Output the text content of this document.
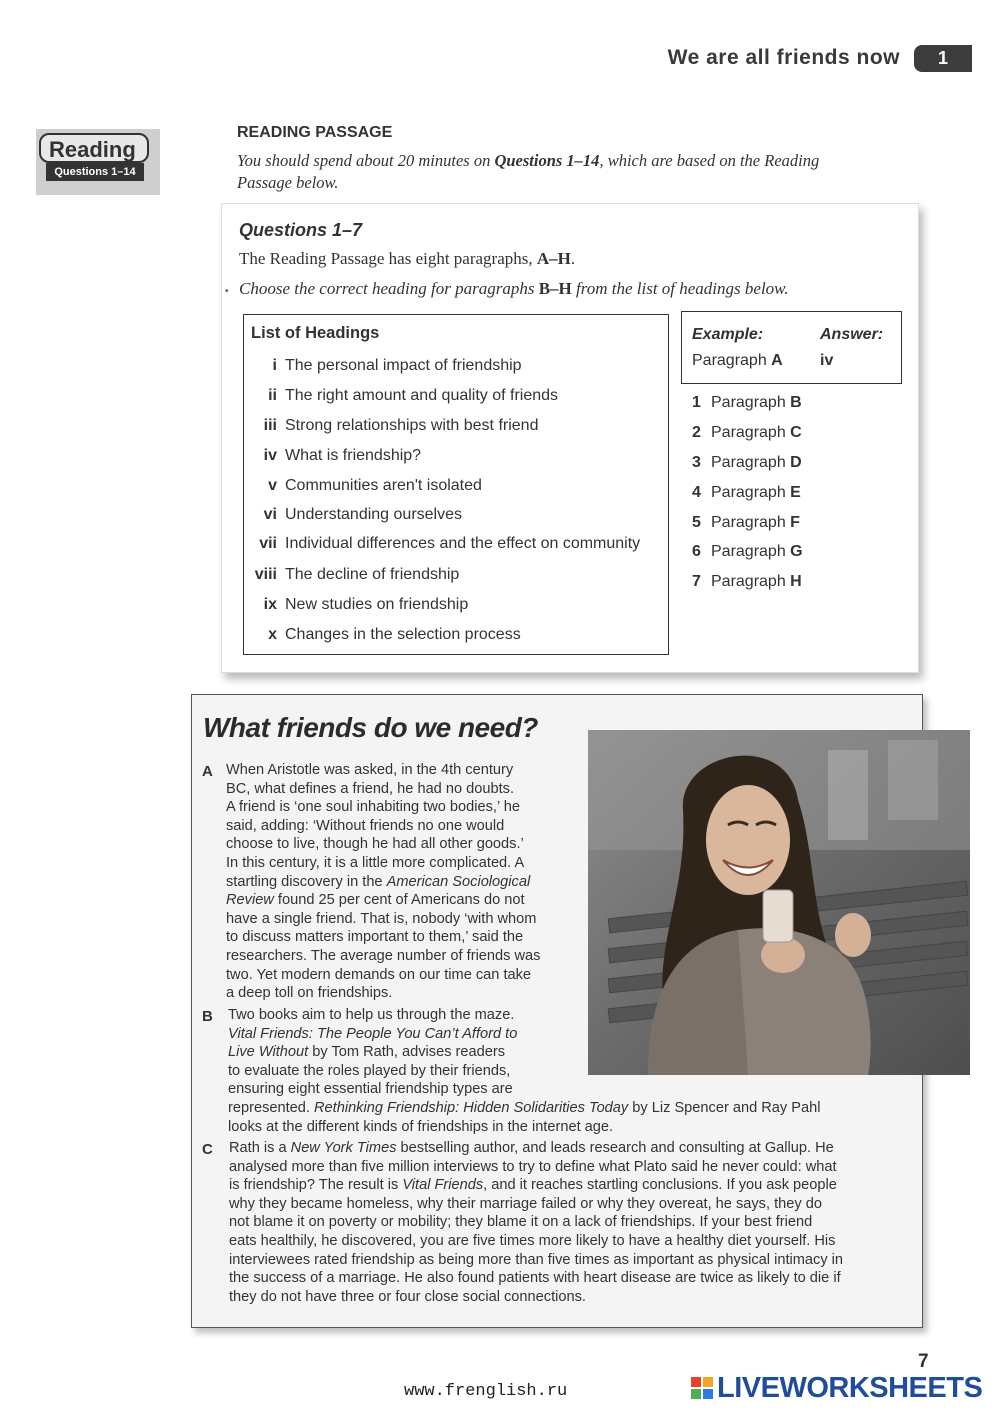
We are all friends now	1
Reading
Questions 1–14
READING PASSAGE
You should spend about 20 minutes on Questions 1–14, which are based on the Reading Passage below.
Questions 1–7
The Reading Passage has eight paragraphs, A–H.
• Choose the correct heading for paragraphs B–H from the list of headings below.
List of Headings
i The personal impact of friendship
ii The right amount and quality of friends
iii Strong relationships with best friend
iv What is friendship?
v Communities aren't isolated
vi Understanding ourselves
vii Individual differences and the effect on community
viii The decline of friendship
ix New studies on friendship
x Changes in the selection process
Example:	Answer:
Paragraph A iv
1 Paragraph B
2 Paragraph C
3 Paragraph D
4 Paragraph E
5 Paragraph F
6 Paragraph G
7 Paragraph H
What friends do we need?
A When Aristotle was asked, in the 4th century
BC, what defines a friend, he had no doubts.
A friend is ‘one soul inhabiting two bodies,’ he
said, adding: ‘Without friends no one would
choose to live, though he had all other goods.’
In this century, it is a little more complicated. A
startling discovery in the American Sociological
Review found 25 per cent of Americans do not
have a single friend. That is, nobody ‘with whom
to discuss matters important to them,’ said the
researchers. The average number of friends was
two. Yet modern demands on our time can take
a deep toll on friendships.
B Two books aim to help us through the maze.
Vital Friends: The People You Can’t Afford to
Live Without by Tom Rath, advises readers
to evaluate the roles played by their friends,
ensuring eight essential friendship types are
represented. Rethinking Friendship: Hidden Solidarities Today by Liz Spencer and Ray Pahl
looks at the different kinds of friendships in the internet age.
C Rath is a New York Times bestselling author, and leads research and consulting at Gallup. He
analysed more than five million interviews to try to define what Plato said he never could: what
is friendship? The result is Vital Friends, and it reaches startling conclusions. If you ask people
why they became homeless, why their marriage failed or why they overeat, he says, they do
not blame it on poverty or mobility; they blame it on a lack of friendships. If your best friend
eats healthily, he discovered, you are five times more likely to have a healthy diet yourself. His
interviewees rated friendship as being more than five times as important as physical intimacy in
the success of a marriage. He also found patients with heart disease are twice as likely to die if
they do not have three or four close social connections.
7
www.frenglish.ru	LIVEWORKSHEETS
